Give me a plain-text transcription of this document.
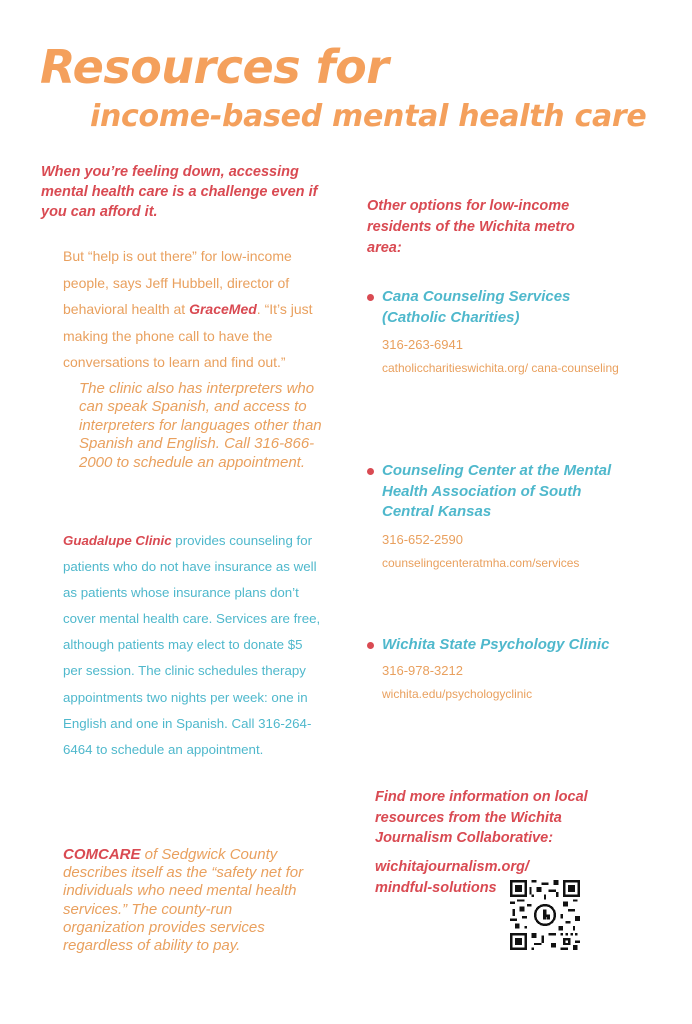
Resources for
income-based mental health care

When you’re feeling down, accessing mental health care is a challenge even if you can afford it.

But “help is out there” for low-income people, says Jeff Hubbell, director of behavioral health at GraceMed. “It’s just making the phone call to have the conversations to learn and find out.”

The clinic also has interpreters who can speak Spanish, and access to interpreters for languages other than Spanish and English. Call 316-866-2000 to schedule an appointment.

Guadalupe Clinic provides counseling for patients who do not have insurance as well as patients whose insurance plans don’t cover mental health care. Services are free, although patients may elect to donate $5 per session. The clinic schedules therapy appointments two nights per week: one in English and one in Spanish. Call 316-264-6464 to schedule an appointment.

COMCARE of Sedgwick County describes itself as the “safety net for individuals who need mental health services.” The county-run organization provides services regardless of ability to pay.

Other options for low-income residents of the Wichita metro area:

Cana Counseling Services (Catholic Charities)

316-263-6941

catholiccharitieswichita.org/ cana-counseling

Counseling Center at the Mental Health Association of South Central Kansas

316-652-2590

counselingcenteratmha.com/services

Wichita State Psychology Clinic

316-978-3212

wichita.edu/psychologyclinic

Find more information on local resources from the Wichita Journalism Collaborative:

wichitajournalism.org/
mindful-solutions
